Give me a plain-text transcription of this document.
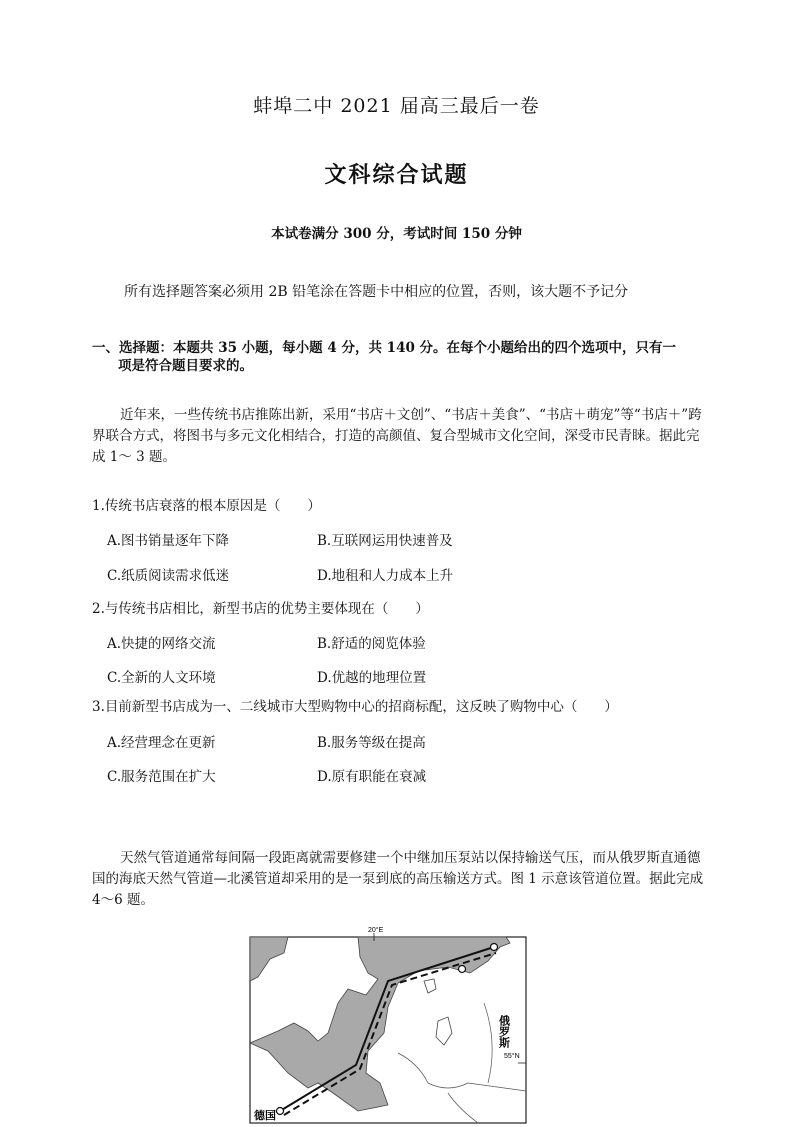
蚌埠二中 2021 届高三最后一卷
文科综合试题
本试卷满分 300 分，考试时间 150 分钟
所有选择题答案必须用 2B 铅笔涂在答题卡中相应的位置，否则，该大题不予记分
一、选择题：本题共 35 小题，每小题 4 分，共 140 分。在每个小题给出的四个选项中，只有一
项是符合题目要求的。
近年来，一些传统书店推陈出新，采用“书店＋文创”、“书店＋美食”、“书店＋萌宠”等“书店＋”跨界联合方式，将图书与多元文化相结合，打造的高颜值、复合型城市文化空间，深受市民青睐。据此完成 1～ 3 题。
1.传统书店衰落的根本原因是（　　）
A.图书销量逐年下降	B.互联网运用快速普及
C.纸质阅读需求低迷	D.地租和人力成本上升
2.与传统书店相比，新型书店的优势主要体现在（　　）
A.快捷的网络交流	B.舒适的阅览体验
C.全新的人文环境	D.优越的地理位置
3.目前新型书店成为一、二线城市大型购物中心的招商标配，这反映了购物中心（　　）
A.经营理念在更新	B.服务等级在提高
C.服务范围在扩大	D.原有职能在衰减
天然气管道通常每间隔一段距离就需要修建一个中继加压泵站以保持输送气压，而从俄罗斯直通德国的海底天然气管道—北溪管道却采用的是一泵到底的高压输送方式。图 1 示意该管道位置。据此完成 4～6 题。
20°E
55°N
俄罗斯
德国
